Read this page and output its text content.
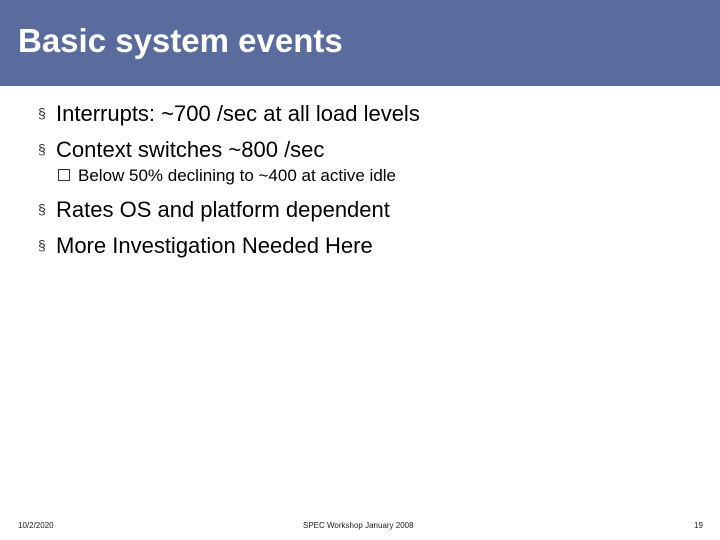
Basic system events
§ Interrupts: ~700 /sec at all load levels
§ Context switches ~800 /sec
Below 50% declining to ~400 at active idle
§ Rates OS and platform dependent
§ More Investigation Needed Here
10/2/2020	SPEC Workshop January 2008	19
